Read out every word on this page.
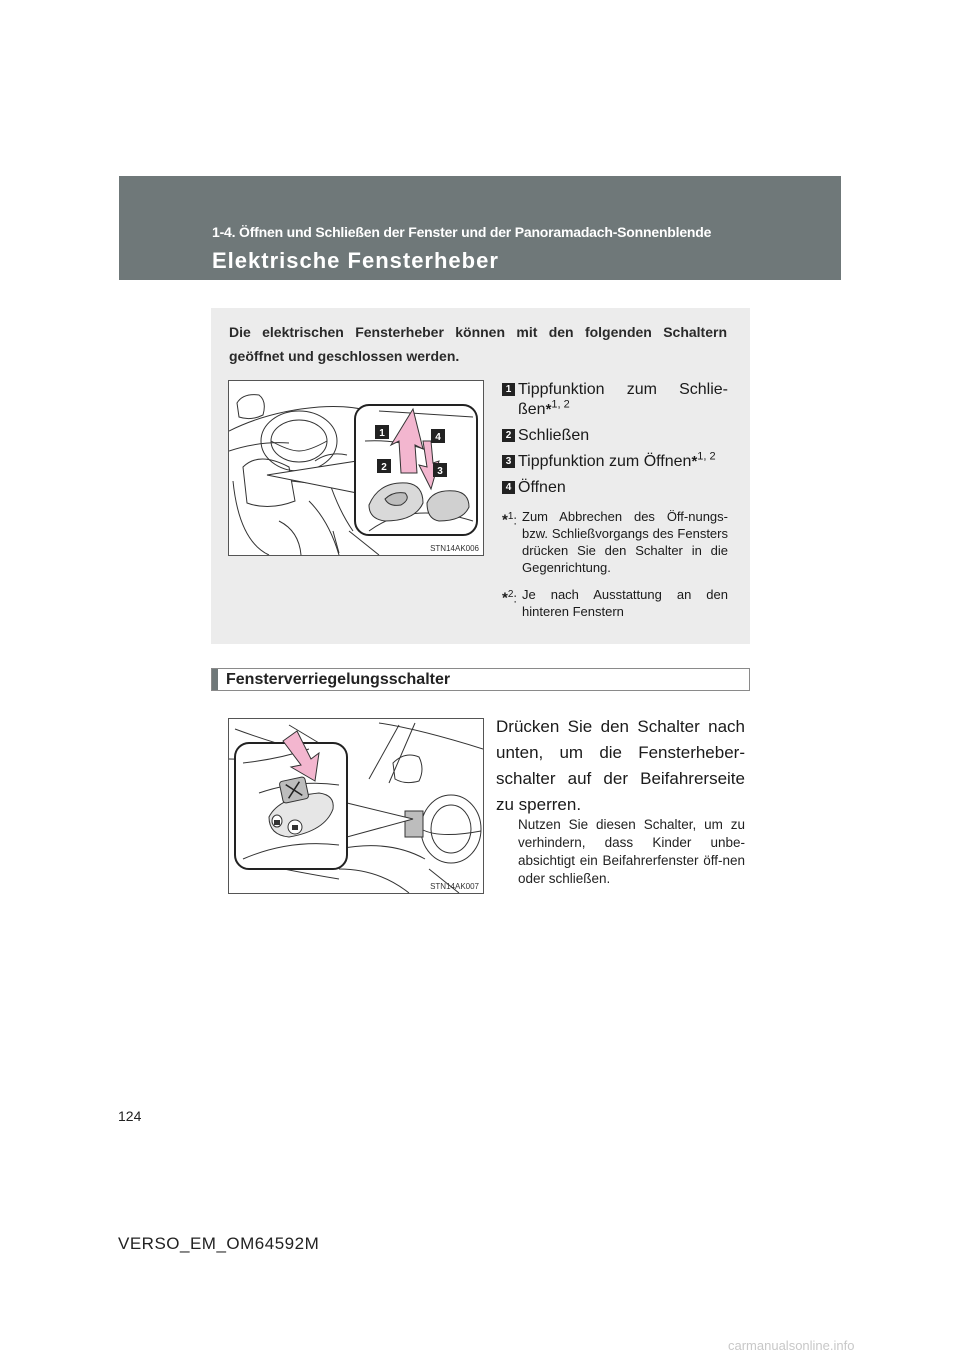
1-4. Öffnen und Schließen der Fenster und der Panoramadach-Sonnenblende
Elektrische Fensterheber
Die elektrischen Fensterheber können mit den folgenden Schaltern geöffnet und geschlossen werden.
1	4
2	3
STN14AK006
1 Tippfunktion zum Schlie-ßen*$^{1, 2}$
2 Schließen
3 Tippfunktion zum Öffnen*$^{1, 2}$
4 Öffnen
*$^1$: Zum Abbrechen des Öff-nungs- bzw. Schließvorgangs des Fensters drücken Sie den Schalter in die Gegenrichtung.
*$^2$: Je nach Ausstattung an den hinteren Fenstern
Fensterverriegelungsschalter
STN14AK007
Drücken Sie den Schalter nach unten, um die Fensterheber-schalter auf der Beifahrerseite zu sperren.
Nutzen Sie diesen Schalter, um zu verhindern, dass Kinder unbe-absichtigt ein Beifahrerfenster öff-nen oder schließen.
124
VERSO_EM_OM64592M
carmanualsonline.info
